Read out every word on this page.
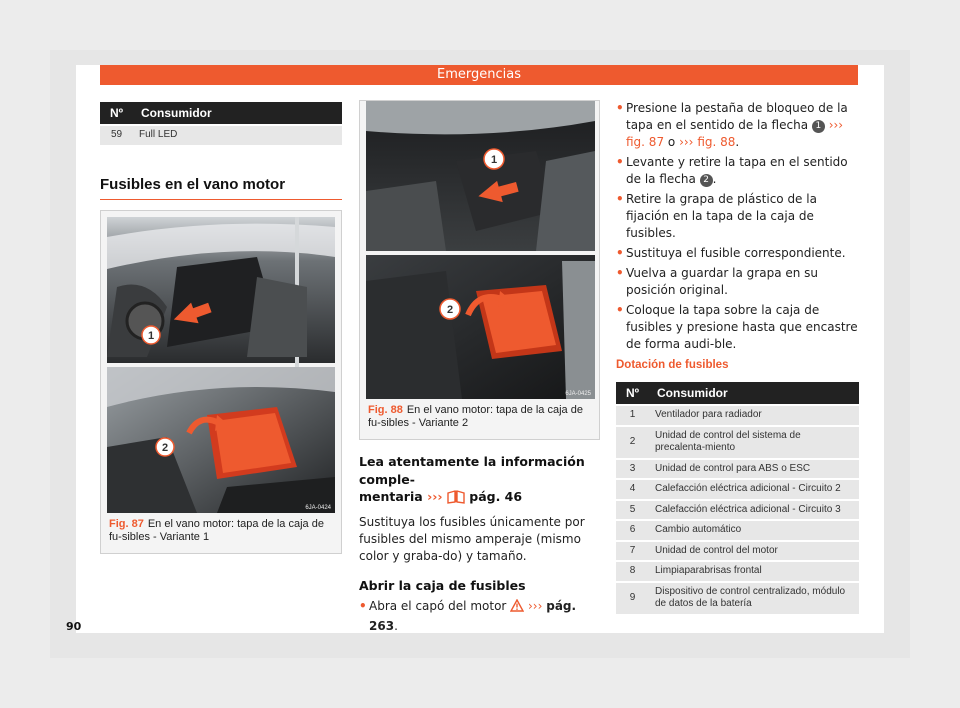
Emergencias
Nº	Consumidor
59	Full LED
Fusibles en el vano motor
1
2
6JA-0424
Fig. 87 En el vano motor: tapa de la caja de fu-sibles - Variante 1
1
2
6JA-0425
Fig. 88 En el vano motor: tapa de la caja de fu-sibles - Variante 2
Lea atentamente la información comple-
mentaria ››› pág. 46

Sustituya los fusibles únicamente por fusibles del mismo amperaje (mismo color y graba-do) y tamaño.

Abrir la caja de fusibles
• Abra el capó del motor ››› pág. 263.
• Presione la pestaña de bloqueo de la tapa en el sentido de la flecha 1 ››› fig. 87 o ››› fig. 88.
• Levante y retire la tapa en el sentido de la flecha 2 .
• Retire la grapa de plástico de la fijación en la tapa de la caja de fusibles.
• Sustituya el fusible correspondiente.
• Vuelva a guardar la grapa en su posición original.
• Coloque la tapa sobre la caja de fusibles y presione hasta que encastre de forma audi-ble.
Dotación de fusibles
Nº	Consumidor
1	Ventilador para radiador
2	Unidad de control del sistema de precalenta-miento
3	Unidad de control para ABS o ESC
4	Calefacción eléctrica adicional - Circuito 2
5	Calefacción eléctrica adicional - Circuito 3
6	Cambio automático
7	Unidad de control del motor
8	Limpiaparabrisas frontal
9	Dispositivo de control centralizado, módulo de datos de la batería
90
